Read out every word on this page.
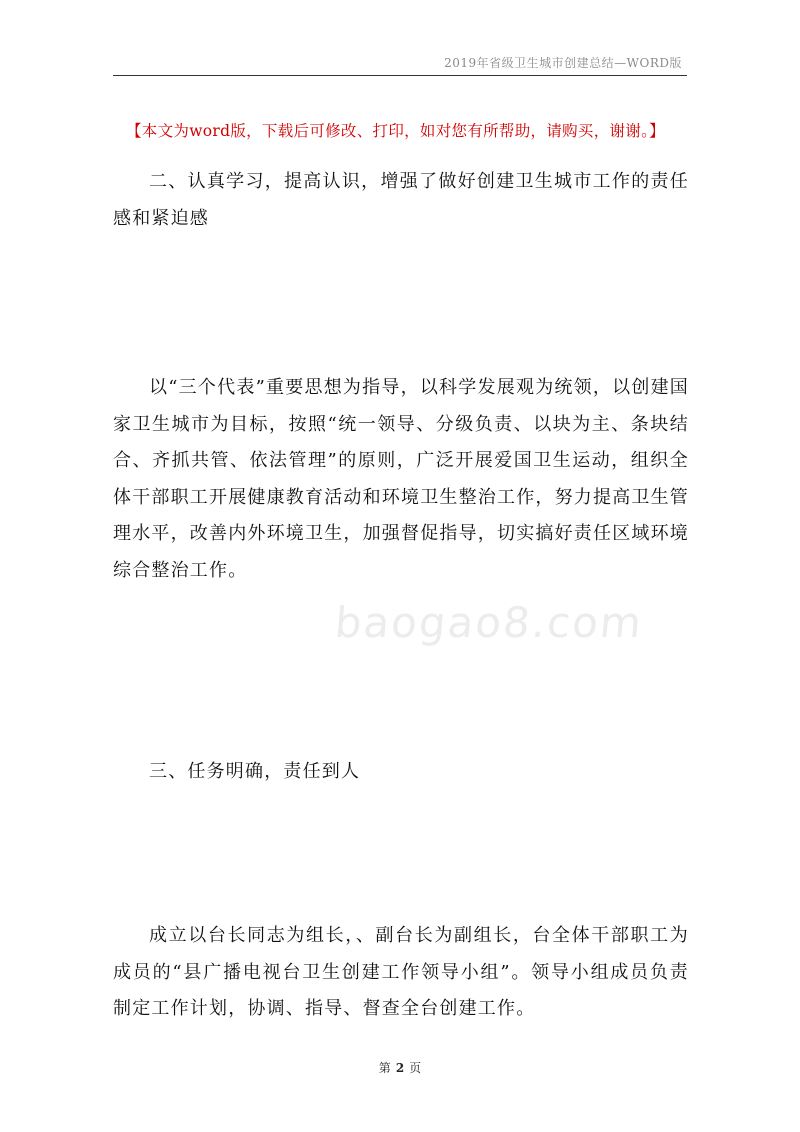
2019年省级卫生城市创建总结—WORD版
【本文为word版，下载后可修改、打印，如对您有所帮助，请购买，谢谢。】
baogao8.com

二、认真学习，提高认识，增强了做好创建卫生城市工作的责任感和紧迫感

以“三个代表”重要思想为指导，以科学发展观为统领，以创建国家卫生城市为目标，按照“统一领导、分级负责、以块为主、条块结合、齐抓共管、依法管理”的原则，广泛开展爱国卫生运动，组织全体干部职工开展健康教育活动和环境卫生整治工作，努力提高卫生管理水平，改善内外环境卫生，加强督促指导，切实搞好责任区域环境综合整治工作。

三、任务明确，责任到人

成立以台长同志为组长，、副台长为副组长，台全体干部职工为成员的“县广播电视台卫生创建工作领导小组”。领导小组成员负责制定工作计划，协调、指导、督查全台创建工作。

第 2 页
